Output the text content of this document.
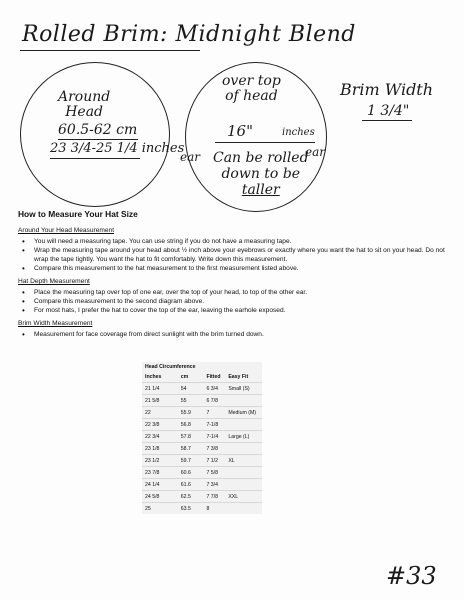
Rolled Brim: Midnight Blend
Around
Head
60.5-62 cm
23 3/4-25 1/4 inches
over top
of head
16"	inches
ear	ear
Can be rolled
down to be
taller
Brim Width
1 3/4"
How to Measure Your Hat Size
Around Your Head Measurement
• You will need a measuring tape. You can use string if you do not have a measuring tape.
• Wrap the measuring tape around your head about ½ inch above your eyebrows or exactly where you want the hat to sit on your head. Do not wrap the tape tightly. You want the hat to fit comfortably. Write down this measurement.
• Compare this measurement to the hat measurement to the first measurement listed above.
Hat Depth Measurement
• Place the measuring tap over top of one ear, over the top of your head, to top of the other ear.
• Compare this measurement to the second diagram above.
• For most hats, I prefer the hat to cover the top of the ear, leaving the earhole exposed.
Brim Width Measurement
• Measurement for face coverage from direct sunlight with the brim turned down.
Head Circumference			
Inches	cm	Fitted	Easy Fit
21 1/4	54	6 3/4	Small (S)
21 5/8	55	6 7/8	
22	55.9	7	Medium (M)
22 3/8	56.8	7-1/8	
22 3/4	57.8	7-1/4	Large (L)
23 1/8	58.7	7 3/8	
23 1/2	59.7	7 1/2	XL
23 7/8	60.6	7 5/8	
24 1/4	61.6	7 3/4	
24 5/8	62.5	7 7/8	XXL
25	63.5	8	
#33
